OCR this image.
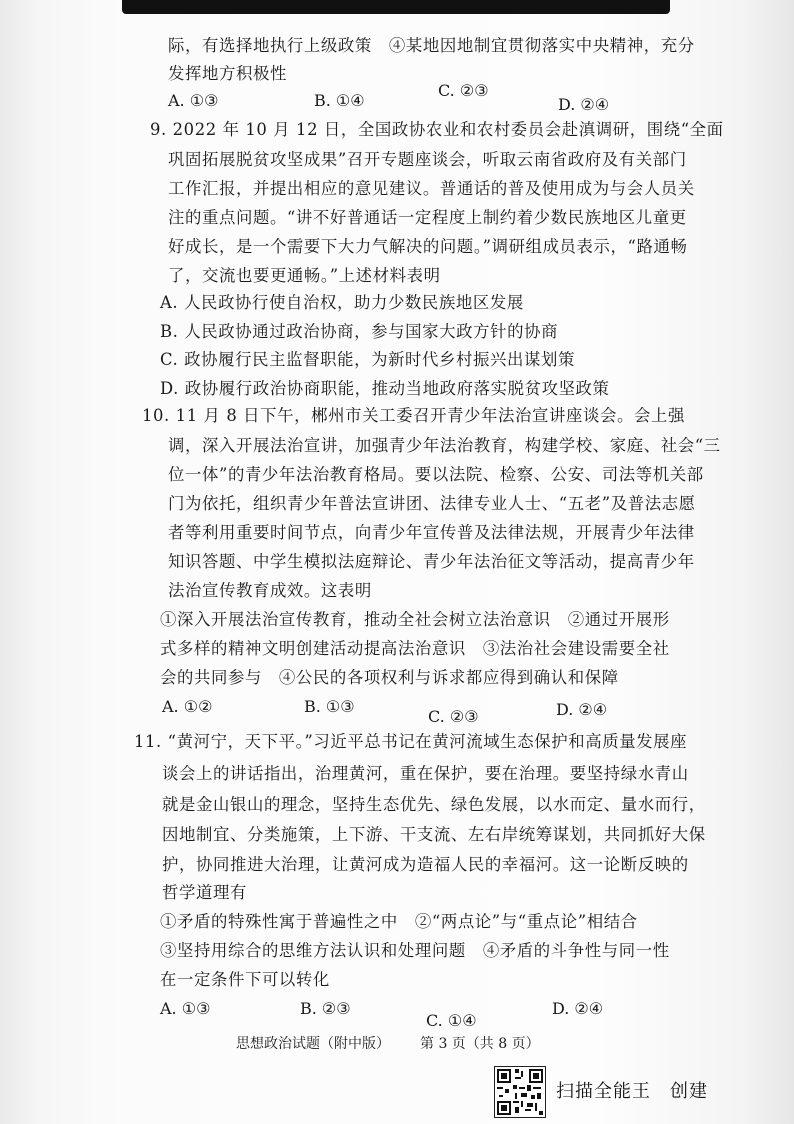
际，有选择地执行上级政策　④某地因地制宜贯彻落实中央精神，充分
发挥地方积极性
A. ①③	B. ①④
C. ②③
D. ②④
9. 2022 年 10 月 12 日，全国政协农业和农村委员会赴滇调研，围绕“全面
巩固拓展脱贫攻坚成果”召开专题座谈会，听取云南省政府及有关部门
工作汇报，并提出相应的意见建议。普通话的普及使用成为与会人员关
注的重点问题。“讲不好普通话一定程度上制约着少数民族地区儿童更
好成长，是一个需要下大力气解决的问题。”调研组成员表示，“路通畅
了，交流也要更通畅。”上述材料表明
A. 人民政协行使自治权，助力少数民族地区发展
B. 人民政协通过政治协商，参与国家大政方针的协商
C. 政协履行民主监督职能，为新时代乡村振兴出谋划策
D. 政协履行政治协商职能，推动当地政府落实脱贫攻坚政策
10. 11 月 8 日下午，郴州市关工委召开青少年法治宣讲座谈会。会上强
调，深入开展法治宣讲，加强青少年法治教育，构建学校、家庭、社会“三
位一体”的青少年法治教育格局。要以法院、检察、公安、司法等机关部
门为依托，组织青少年普法宣讲团、法律专业人士、“五老”及普法志愿
者等利用重要时间节点，向青少年宣传普及法律法规，开展青少年法律
知识答题、中学生模拟法庭辩论、青少年法治征文等活动，提高青少年
法治宣传教育成效。这表明
①深入开展法治宣传教育，推动全社会树立法治意识　②通过开展形
式多样的精神文明创建活动提高法治意识　③法治社会建设需要全社
会的共同参与　④公民的各项权利与诉求都应得到确认和保障
A. ①②	B. ①③
C. ②③	D. ②④
11. “黄河宁，天下平。”习近平总书记在黄河流域生态保护和高质量发展座
谈会上的讲话指出，治理黄河，重在保护，要在治理。要坚持绿水青山
就是金山银山的理念，坚持生态优先、绿色发展，以水而定、量水而行，
因地制宜、分类施策，上下游、干支流、左右岸统筹谋划，共同抓好大保
护，协同推进大治理，让黄河成为造福人民的幸福河。这一论断反映的
哲学道理有
①矛盾的特殊性寓于普遍性之中　②“两点论”与“重点论”相结合
③坚持用综合的思维方法认识和处理问题　④矛盾的斗争性与同一性
在一定条件下可以转化
A. ①③	B. ②③
C. ①④
D. ②④
思想政治试题（附中版） 第 3 页（共 8 页）
扫描全能王　创建
